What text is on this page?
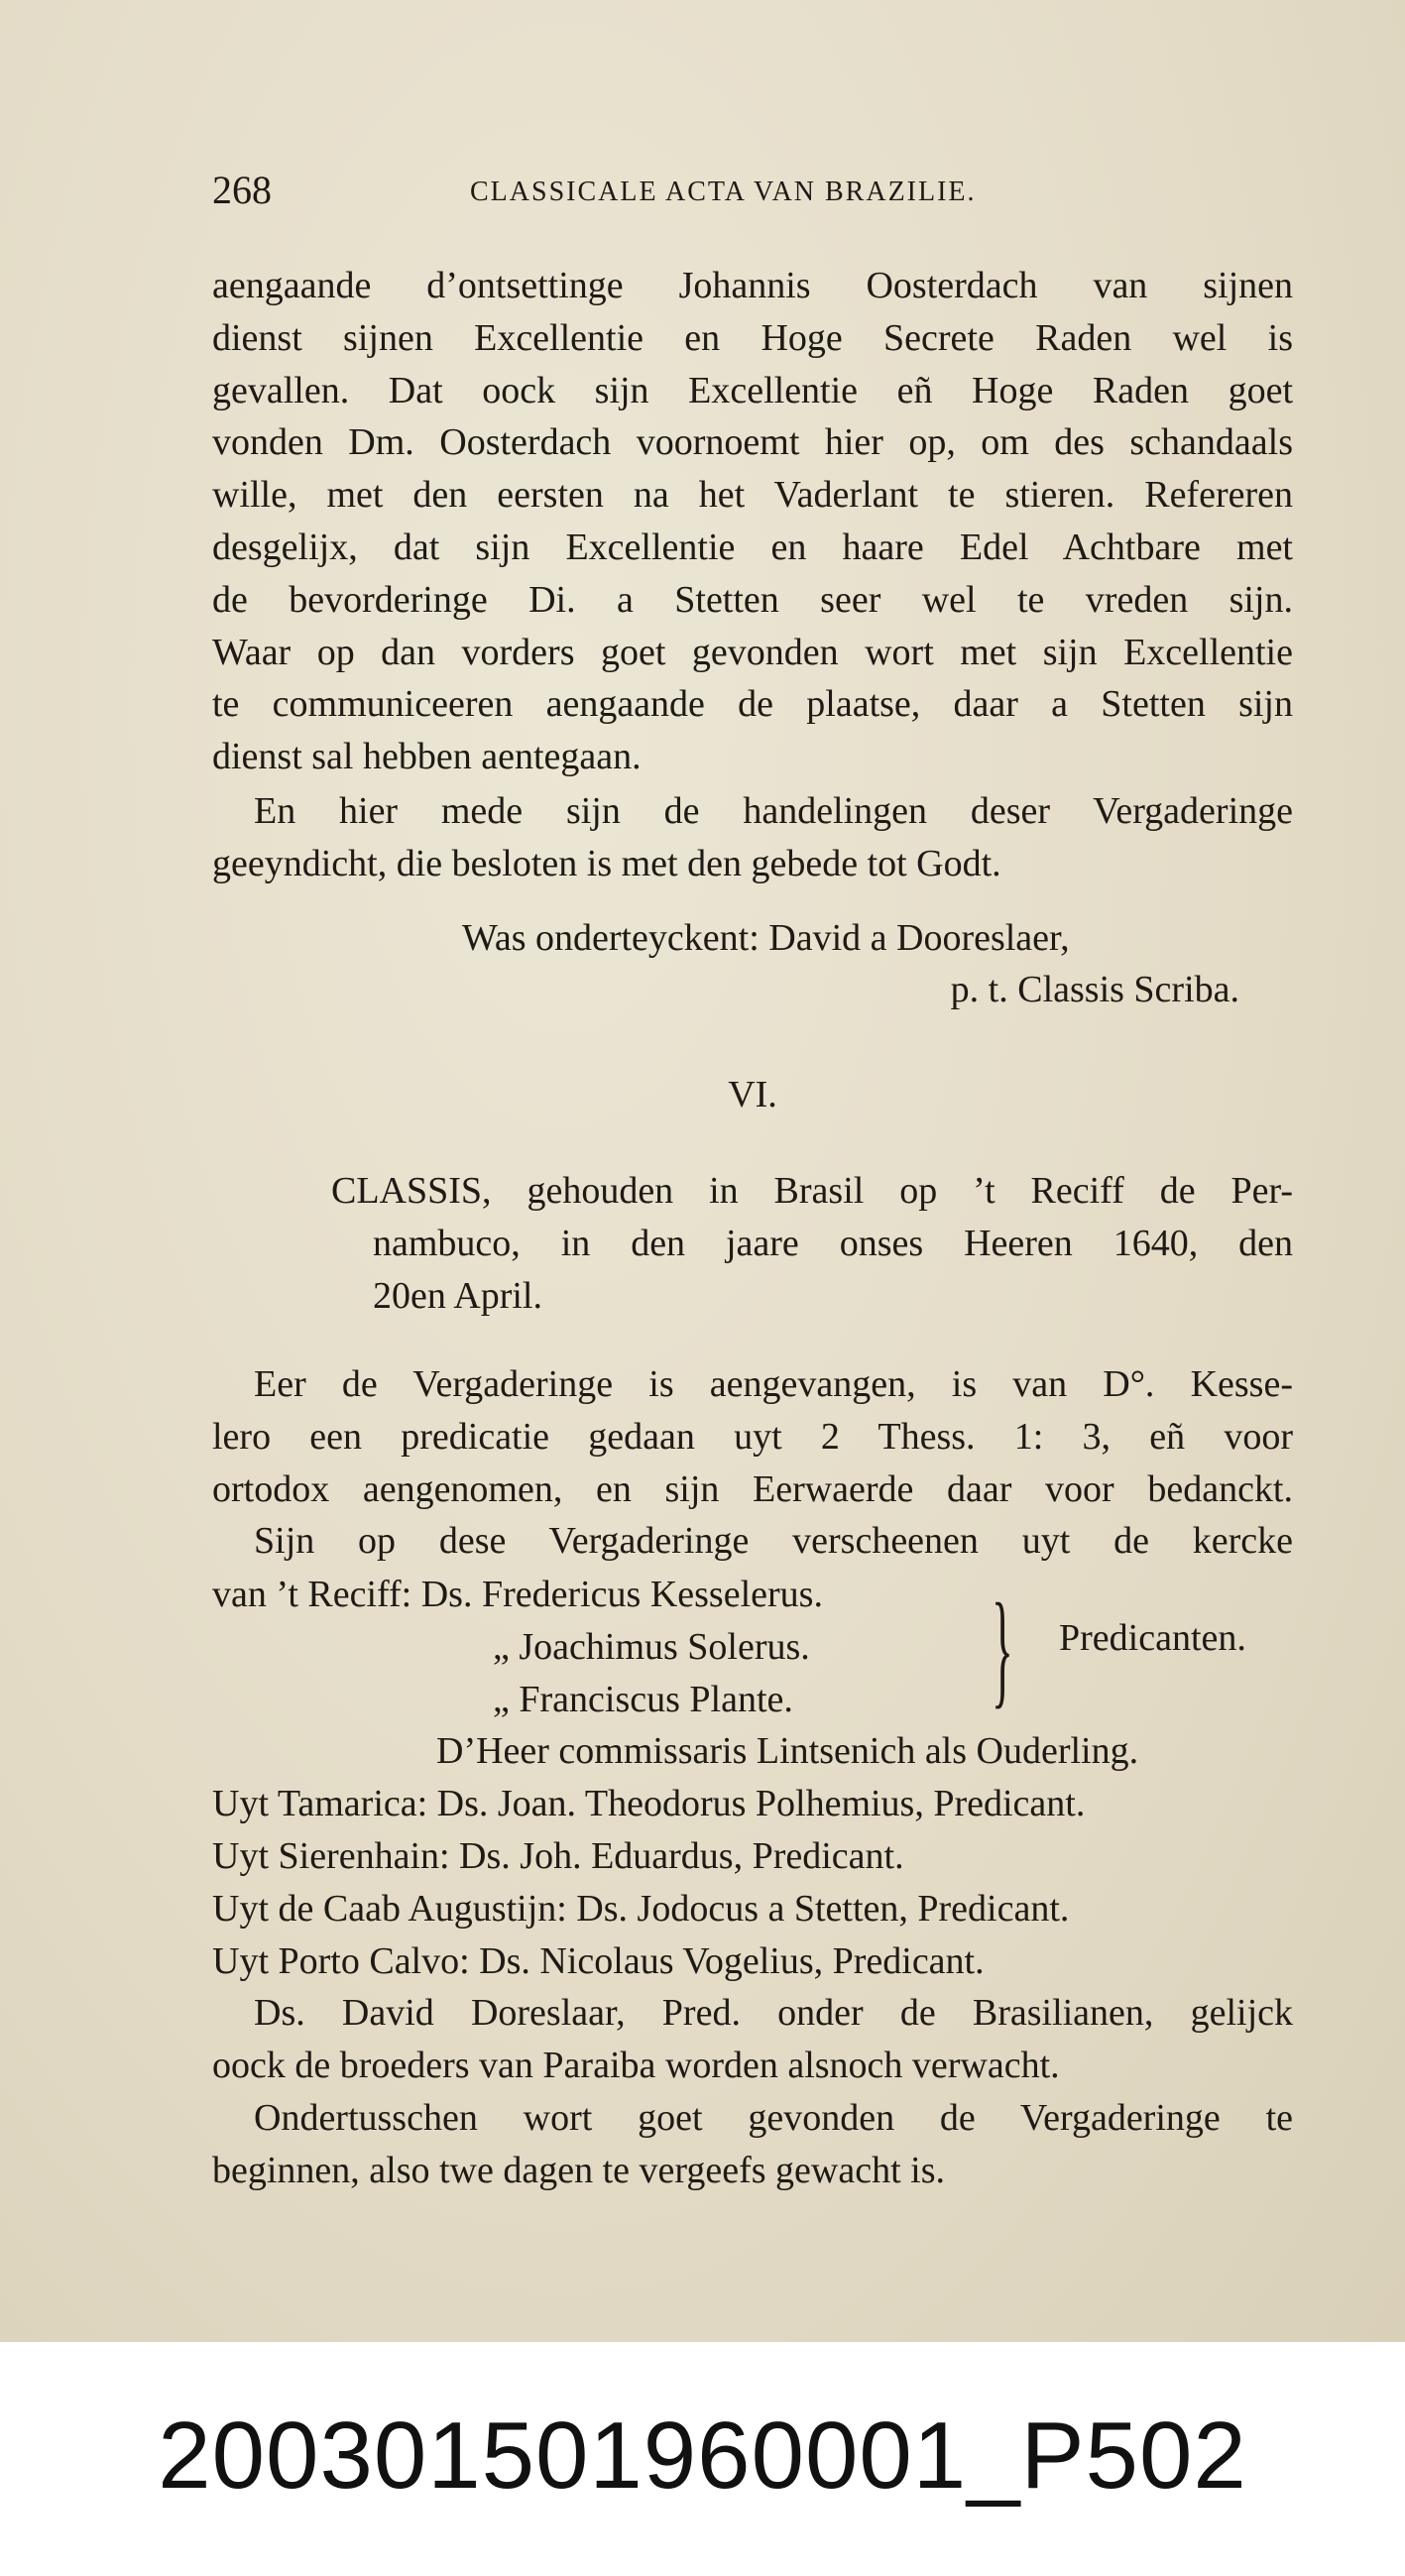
268	CLASSICALE ACTA VAN BRAZILIE.
aengaande d’ontsettinge Johannis Oosterdach van sijnen
dienst sijnen Excellentie en Hoge Secrete Raden wel is
gevallen. Dat oock sijn Excellentie eñ Hoge Raden goet
vonden Dm. Oosterdach voornoemt hier op, om des schandaals
wille, met den eersten na het Vaderlant te stieren. Refereren
desgelijx, dat sijn Excellentie en haare Edel Achtbare met
de bevorderinge Di. a Stetten seer wel te vreden sijn.
Waar op dan vorders goet gevonden wort met sijn Excellentie
te communiceeren aengaande de plaatse, daar a Stetten sijn
dienst sal hebben aentegaan.
En hier mede sijn de handelingen deser Vergaderinge
geeyndicht, die besloten is met den gebede tot Godt.
Was onderteyckent: David a Dooreslaer,
p. t. Classis Scriba.
VI.
CLASSIS, gehouden in Brasil op ’t Reciff de Per-
nambuco, in den jaare onses Heeren 1640, den
20en April.
Eer de Vergaderinge is aengevangen, is van D°. Kesse-
lero een predicatie gedaan uyt 2 Thess. 1: 3, eñ voor
ortodox aengenomen, en sijn Eerwaerde daar voor bedanckt.
Sijn op dese Vergaderinge verscheenen uyt de kercke
van ’t Reciff: Ds. Fredericus Kesselerus.
„ Joachimus Solerus.
„ Franciscus Plante.
D’Heer commissaris Lintsenich als Ouderling.
Uyt Tamarica: Ds. Joan. Theodorus Polhemius, Predicant.
Uyt Sierenhain: Ds. Joh. Eduardus, Predicant.
Uyt de Caab Augustijn: Ds. Jodocus a Stetten, Predicant.
Uyt Porto Calvo: Ds. Nicolaus Vogelius, Predicant.
} Predicanten.
Ds. David Doreslaar, Pred. onder de Brasilianen, gelijck
oock de broeders van Paraiba worden alsnoch verwacht.
Ondertusschen wort goet gevonden de Vergaderinge te
beginnen, also twe dagen te vergeefs gewacht is.
200301501960001_P502
